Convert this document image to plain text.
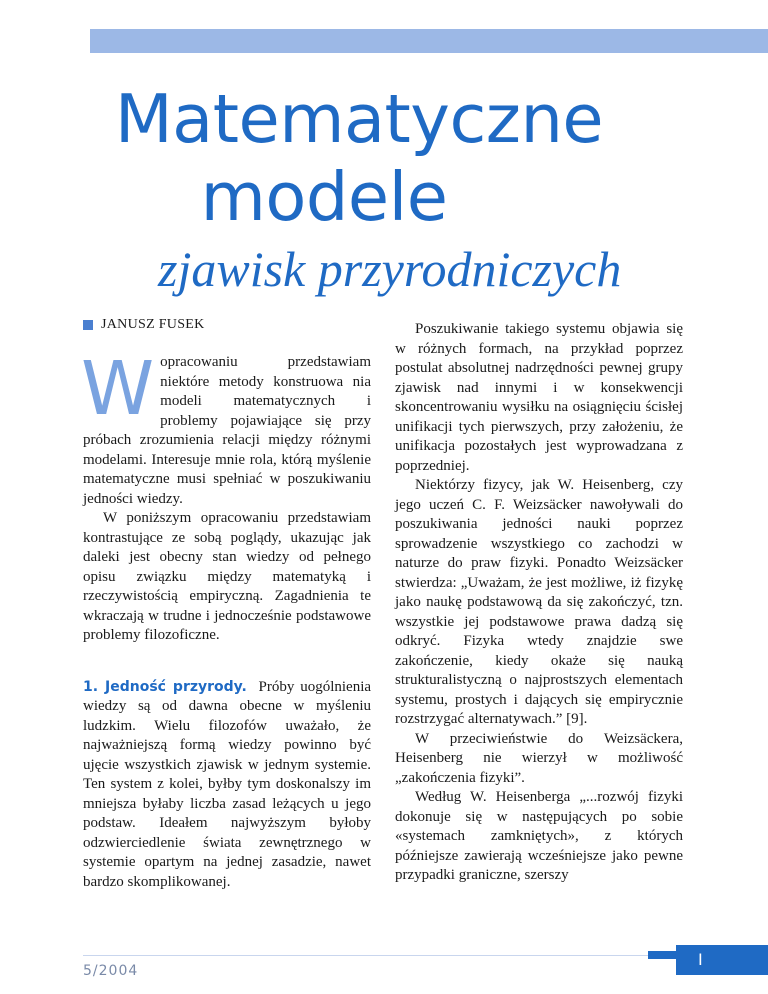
Matematyczne
modele
zjawisk przyrodniczych
JANUSZ FUSEK
W opracowaniu przedstawiam niektóre metody konstruowa nia modeli matematycznych i problemy pojawiające się przy próbach zrozumienia relacji między różnymi modelami. Interesuje mnie rola, którą myślenie matematyczne musi spełniać w poszukiwaniu jedności wiedzy.

W poniższym opracowaniu przedstawiam kontrastujące ze sobą poglądy, ukazując jak daleki jest obecny stan wiedzy od pełnego opisu związku między matematyką i rzeczywistością empiryczną. Zagadnienia te wkraczają w trudne i jednocześnie podstawowe problemy filozoficzne.

1. Jedność przyrody. Próby uogólnienia wiedzy są od dawna obecne w myśleniu ludzkim. Wielu filozofów uważało, że najważniejszą formą wiedzy powinno być ujęcie wszystkich zjawisk w jednym systemie. Ten system z kolei, byłby tym doskonalszy im mniejsza byłaby liczba zasad leżących u jego podstaw. Ideałem najwyższym byłoby odzwierciedlenie świata zewnętrznego w systemie opartym na jednej zasadzie, nawet bardzo skomplikowanej.

Poszukiwanie takiego systemu objawia się w różnych formach, na przykład poprzez postulat absolutnej nadrzędności pewnej grupy zjawisk nad innymi i w konsekwencji skoncentrowaniu wysiłku na osiągnięciu ścisłej unifikacji tych pierwszych, przy założeniu, że unifikacja pozostałych jest wyprowadzana z poprzedniej.

Niektórzy fizycy, jak W. Heisenberg, czy jego uczeń C. F. Weizsäcker nawoływali do poszukiwania jedności nauki poprzez sprowadzenie wszystkiego co zachodzi w naturze do praw fizyki. Ponadto Weizsäcker stwierdza: „Uważam, że jest możliwe, iż fizykę jako naukę podstawową da się zakończyć, tzn. wszystkie jej podstawowe prawa dadzą się odkryć. Fizyka wtedy znajdzie swe zakończenie, kiedy okaże się nauką strukturalistyczną o najprostszych elementach systemu, prostych i dających się empirycznie rozstrzygać alternatywach.” [9].

W przeciwieństwie do Weizsäckera, Heisenberg nie wierzył w możliwość „zakończenia fizyki”.

Według W. Heisenberga „...rozwój fizyki dokonuje się w następujących po sobie «systemach zamkniętych», z których późniejsze zawierają wcześniejsze jako pewne przypadki graniczne, szerszy

5/2004
I
